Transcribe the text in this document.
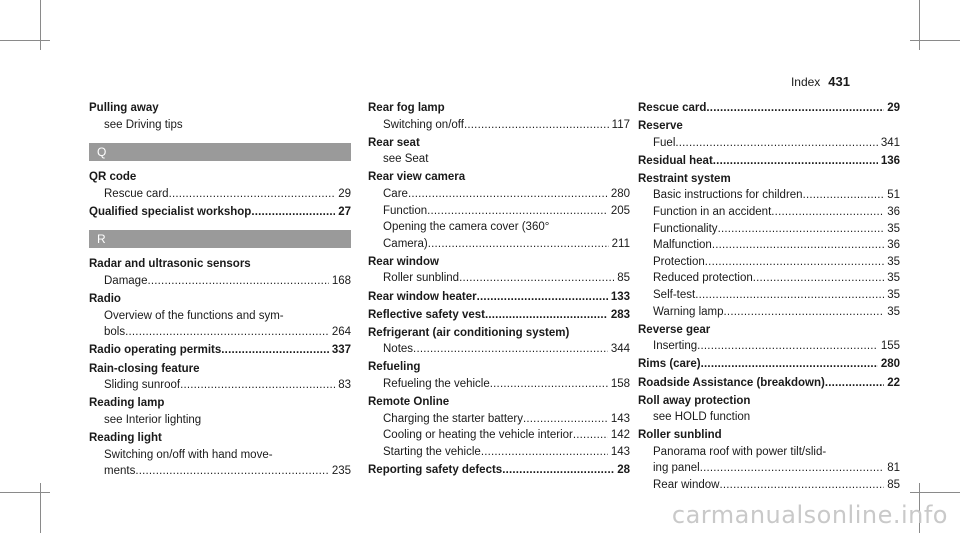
Index 431
Pulling away
see Driving tips
Q
QR code
Rescue card .....	29
Qualified specialist workshop .....	27
R
Radar and ultrasonic sensors
Damage .....	168
Radio
Overview of the functions and sym-
bols .....	264
Radio operating permits .....	337
Rain-closing feature
Sliding sunroof .....	83
Reading lamp
see Interior lighting
Reading light
Switching on/off with hand move-
ments .....	235
Rear fog lamp
Switching on/off .....	117
Rear seat
see Seat
Rear view camera
Care .....	280
Function .....	205
Opening the camera cover (360°
Camera) .....	211
Rear window
Roller sunblind .....	85
Rear window heater .....	133
Reflective safety vest .....	283
Refrigerant (air conditioning system)
Notes .....	344
Refueling
Refueling the vehicle .....	158
Remote Online
Charging the starter battery .....	143
Cooling or heating the vehicle interior .....	142
Starting the vehicle .....	143
Reporting safety defects .....	28
Rescue card .....	29
Reserve
Fuel .....	341
Residual heat .....	136
Restraint system
Basic instructions for children .....	51
Function in an accident .....	36
Functionality .....	35
Malfunction .....	36
Protection .....	35
Reduced protection .....	35
Self-test .....	35
Warning lamp .....	35
Reverse gear
Inserting .....	155
Rims (care) .....	280
Roadside Assistance (breakdown) .....	22
Roll away protection
see HOLD function
Roller sunblind
Panorama roof with power tilt/slid-
ing panel .....	81
Rear window .....	85
carmanualsonline.info
